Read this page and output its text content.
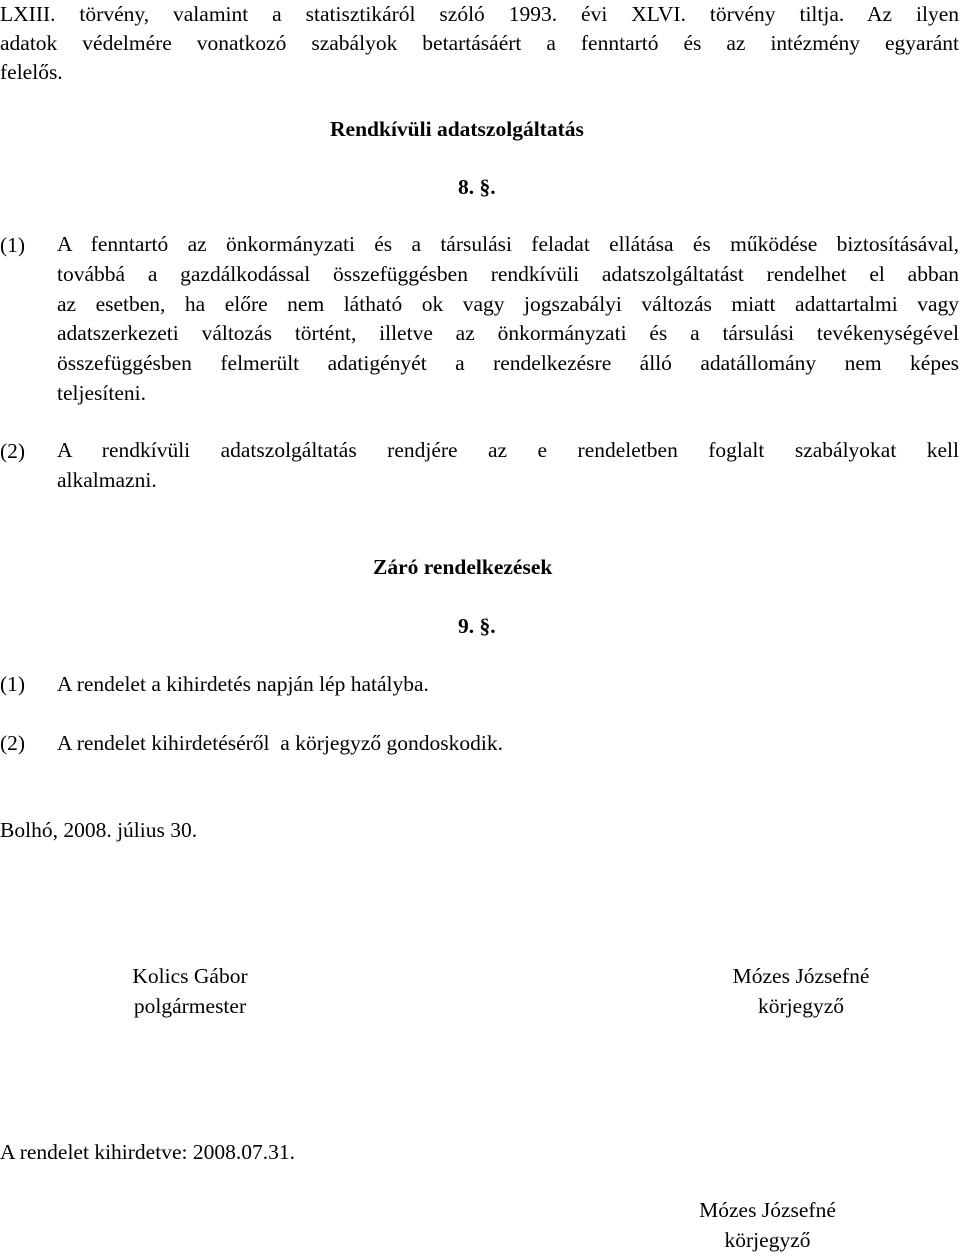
LXIII. törvény, valamint a statisztikáról szóló 1993. évi XLVI. törvény tiltja. Az ilyen
adatok védelmére vonatkozó szabályok betartásáért a fenntartó és az intézmény egyaránt
felelős.
Rendkívüli adatszolgáltatás
8. §.
(1) A fenntartó az önkormányzati és a társulási feladat ellátása és működése biztosításával,
továbbá a gazdálkodással összefüggésben rendkívüli adatszolgáltatást rendelhet el abban
az esetben, ha előre nem látható ok vagy jogszabályi változás miatt adattartalmi vagy
adatszerkezeti változás történt, illetve az önkormányzati és a társulási tevékenységével
összefüggésben felmerült adatigényét a rendelkezésre álló adatállomány nem képes
teljesíteni.
(2) A rendkívüli adatszolgáltatás rendjére az e rendeletben foglalt szabályokat kell
alkalmazni.
Záró rendelkezések
9. §.
(1) A rendelet a kihirdetés napján lép hatályba.
(2) A rendelet kihirdetéséről  a körjegyző gondoskodik.
Bolhó, 2008. július 30.
Kolics Gábor
polgármester
Mózes Józsefné
körjegyző
A rendelet kihirdetve: 2008.07.31.
Mózes Józsefné
körjegyző
